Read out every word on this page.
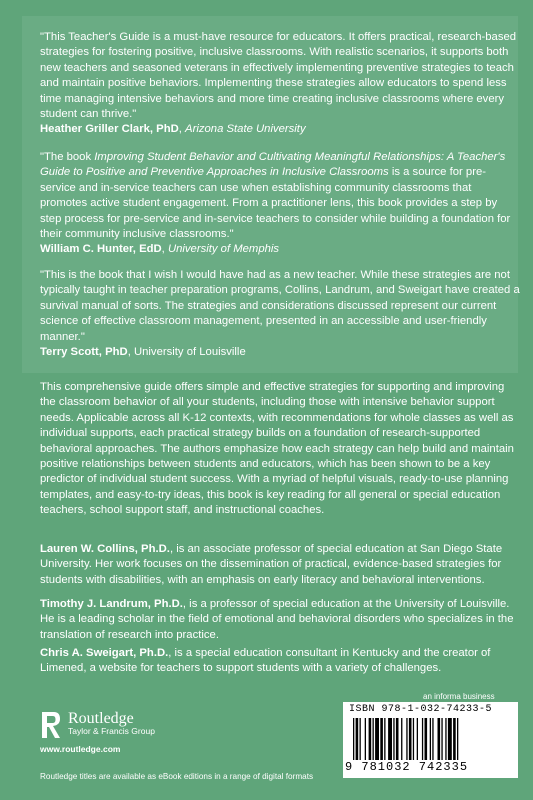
"This Teacher's Guide is a must-have resource for educators. It offers practical, research-based strategies for fostering positive, inclusive classrooms. With realistic scenarios, it supports both new teachers and seasoned veterans in effectively implementing preventive strategies to teach and maintain positive behaviors. Implementing these strategies allow educators to spend less time managing intensive behaviors and more time creating inclusive classrooms where every student can thrive."
Heather Griller Clark, PhD, Arizona State University
"The book Improving Student Behavior and Cultivating Meaningful Relationships: A Teacher's Guide to Positive and Preventive Approaches in Inclusive Classrooms is a source for pre-service and in-service teachers can use when establishing community classrooms that promotes active student engagement. From a practitioner lens, this book provides a step by step process for pre-service and in-service teachers to consider while building a foundation for their community inclusive classrooms."
William C. Hunter, EdD, University of Memphis
"This is the book that I wish I would have had as a new teacher. While these strategies are not typically taught in teacher preparation programs, Collins, Landrum, and Sweigart have created a survival manual of sorts. The strategies and considerations discussed represent our current science of effective classroom management, presented in an accessible and user-friendly manner."
Terry Scott, PhD, University of Louisville
This comprehensive guide offers simple and effective strategies for supporting and improving the classroom behavior of all your students, including those with intensive behavior support needs. Applicable across all K-12 contexts, with recommendations for whole classes as well as individual supports, each practical strategy builds on a foundation of research-supported behavioral approaches. The authors emphasize how each strategy can help build and maintain positive relationships between students and educators, which has been shown to be a key predictor of individual student success. With a myriad of helpful visuals, ready-to-use planning templates, and easy-to-try ideas, this book is key reading for all general or special education teachers, school support staff, and instructional coaches.
Lauren W. Collins, Ph.D., is an associate professor of special education at San Diego State University. Her work focuses on the dissemination of practical, evidence-based strategies for students with disabilities, with an emphasis on early literacy and behavioral interventions.
Timothy J. Landrum, Ph.D., is a professor of special education at the University of Louisville. He is a leading scholar in the field of emotional and behavioral disorders who specializes in the translation of research into practice.
Chris A. Sweigart, Ph.D., is a special education consultant in Kentucky and the creator of Limened, a website for teachers to support students with a variety of challenges.
Routledge
Taylor & Francis Group
www.routledge.com
Routledge titles are available as eBook editions in a range of digital formats
an informa business
ISBN 978-1-032-74233-5
9 781032 742335
